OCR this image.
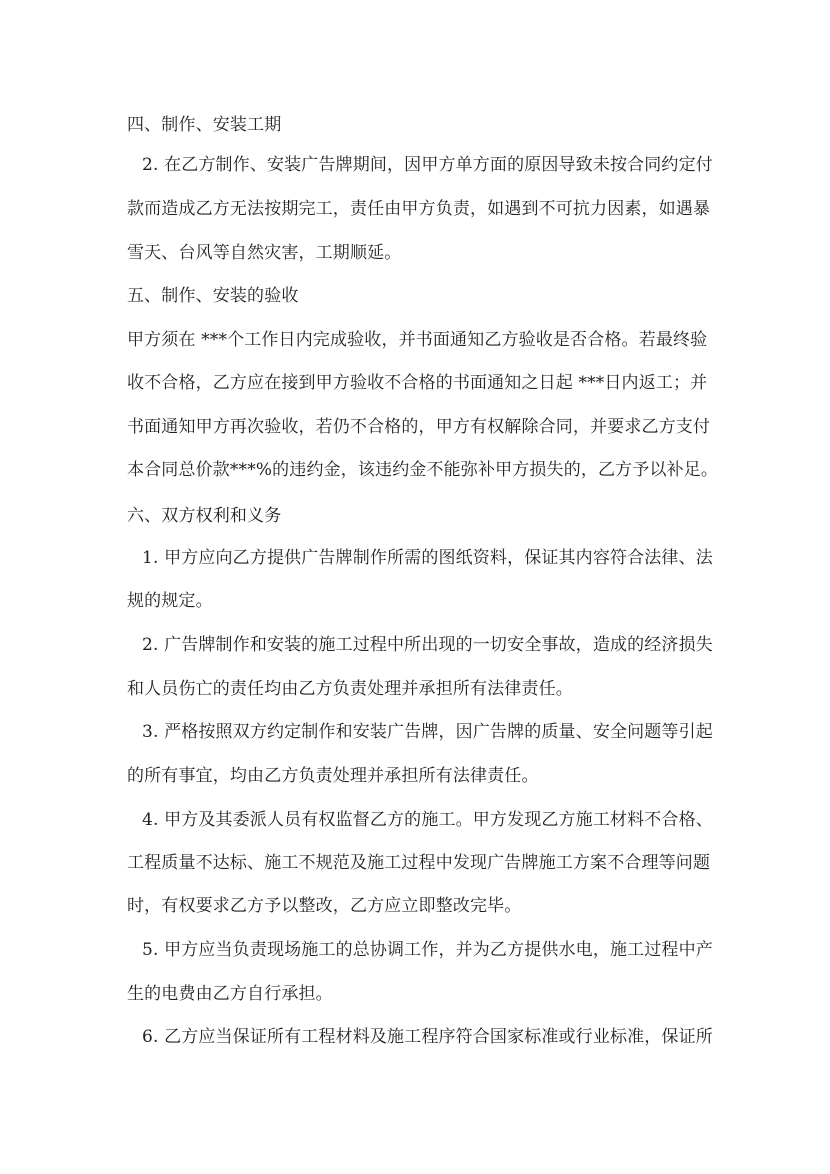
四、制作、安装工期
2. 在乙方制作、安装广告牌期间，因甲方单方面的原因导致未按合同约定付
款而造成乙方无法按期完工，责任由甲方负责，如遇到不可抗力因素，如遇暴
雪天、台风等自然灾害，工期顺延。
五、制作、安装的验收
甲方须在 ***个工作日内完成验收，并书面通知乙方验收是否合格。若最终验
收不合格，乙方应在接到甲方验收不合格的书面通知之日起 ***日内返工；并
书面通知甲方再次验收，若仍不合格的，甲方有权解除合同，并要求乙方支付
本合同总价款***%的违约金，该违约金不能弥补甲方损失的，乙方予以补足。
六、双方权利和义务
1. 甲方应向乙方提供广告牌制作所需的图纸资料，保证其内容符合法律、法
规的规定。
2. 广告牌制作和安装的施工过程中所出现的一切安全事故，造成的经济损失
和人员伤亡的责任均由乙方负责处理并承担所有法律责任。
3. 严格按照双方约定制作和安装广告牌，因广告牌的质量、安全问题等引起
的所有事宜，均由乙方负责处理并承担所有法律责任。
4. 甲方及其委派人员有权监督乙方的施工。甲方发现乙方施工材料不合格、
工程质量不达标、施工不规范及施工过程中发现广告牌施工方案不合理等问题
时，有权要求乙方予以整改，乙方应立即整改完毕。
5. 甲方应当负责现场施工的总协调工作，并为乙方提供水电，施工过程中产
生的电费由乙方自行承担。
6. 乙方应当保证所有工程材料及施工程序符合国家标准或行业标准，保证所
